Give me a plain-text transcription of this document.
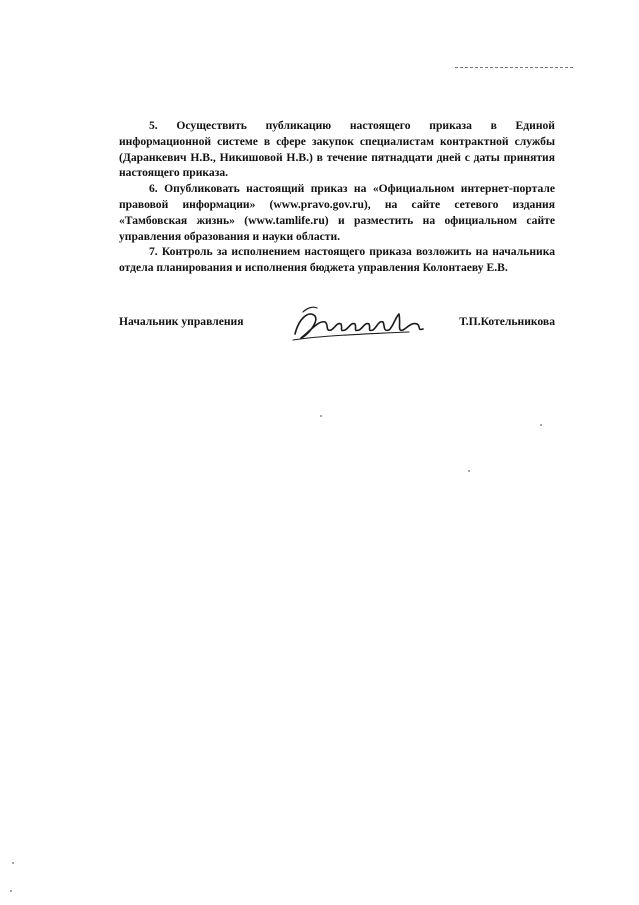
5. Осуществить публикацию настоящего приказа в Единой информационной системе в сфере закупок специалистам контрактной службы (Даранкевич Н.В., Никишовой Н.В.) в течение пятнадцати дней с даты принятия настоящего приказа.

6. Опубликовать настоящий приказ на «Официальном интернет-портале правовой информации» (www.pravo.gov.ru), на сайте сетевого издания «Тамбовская жизнь» (www.tamlife.ru) и разместить на официальном сайте управления образования и науки области.

7. Контроль за исполнением настоящего приказа возложить на начальника отдела планирования и исполнения бюджета управления Колонтаеву Е.В.

Начальник управления	Т.П.Котельникова
